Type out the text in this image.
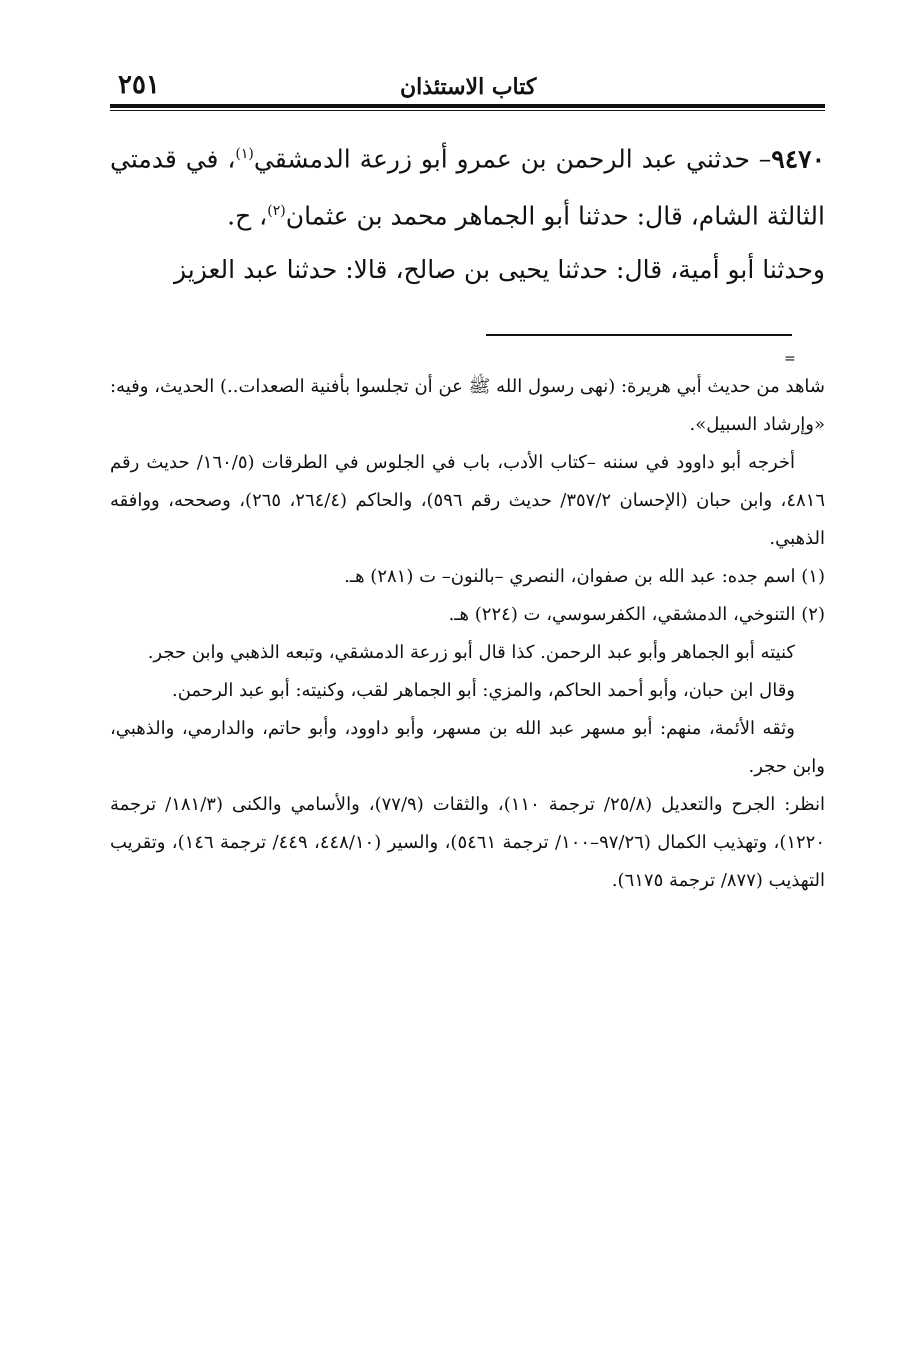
٢٥١	كتاب الاستئذان

٩٤٧٠– حدثني عبد الرحمن بن عمرو أبو زرعة الدمشقي$^{(١)}$، في قدمتي الثالثة الشام، قال: حدثنا أبو الجماهر محمد بن عثمان$^{(٢)}$، ح.

وحدثنا أبو أمية، قال: حدثنا يحيى بن صالح، قالا: حدثنا عبد العزيز

=

شاهد من حديث أبي هريرة: (نهى رسول الله ﷺ عن أن تجلسوا بأفنية الصعدات..) الحديث، وفيه: «وإرشاد السبيل».

أخرجه أبو داوود في سننه –كتاب الأدب، باب في الجلوس في الطرقات (١٦٠/٥/ حديث رقم ٤٨١٦، وابن حبان (الإحسان ٣٥٧/٢/ حديث رقم ٥٩٦)، والحاكم (٢٦٤/٤، ٢٦٥)، وصححه، ووافقه الذهبي.

(١) اسم جده: عبد الله بن صفوان، النصري –بالنون– ت (٢٨١) هـ.

(٢) التنوخي، الدمشقي، الكفرسوسي، ت (٢٢٤) هـ.

كنيته أبو الجماهر وأبو عبد الرحمن. كذا قال أبو زرعة الدمشقي، وتبعه الذهبي وابن حجر.

وقال ابن حبان، وأبو أحمد الحاكم، والمزي: أبو الجماهر لقب، وكنيته: أبو عبد الرحمن.

وثقه الأئمة، منهم: أبو مسهر عبد الله بن مسهر، وأبو داوود، وأبو حاتم، والدارمي، والذهبي، وابن حجر.

انظر: الجرح والتعديل (٢٥/٨/ ترجمة ١١٠)، والثقات (٧٧/٩)، والأسامي والكنى (١٨١/٣/ ترجمة ١٢٢٠)، وتهذيب الكمال (٩٧/٢٦–١٠٠/ ترجمة ٥٤٦١)، والسير (٤٤٨/١٠، ٤٤٩/ ترجمة ١٤٦)، وتقريب التهذيب (٨٧٧/ ترجمة ٦١٧٥).
